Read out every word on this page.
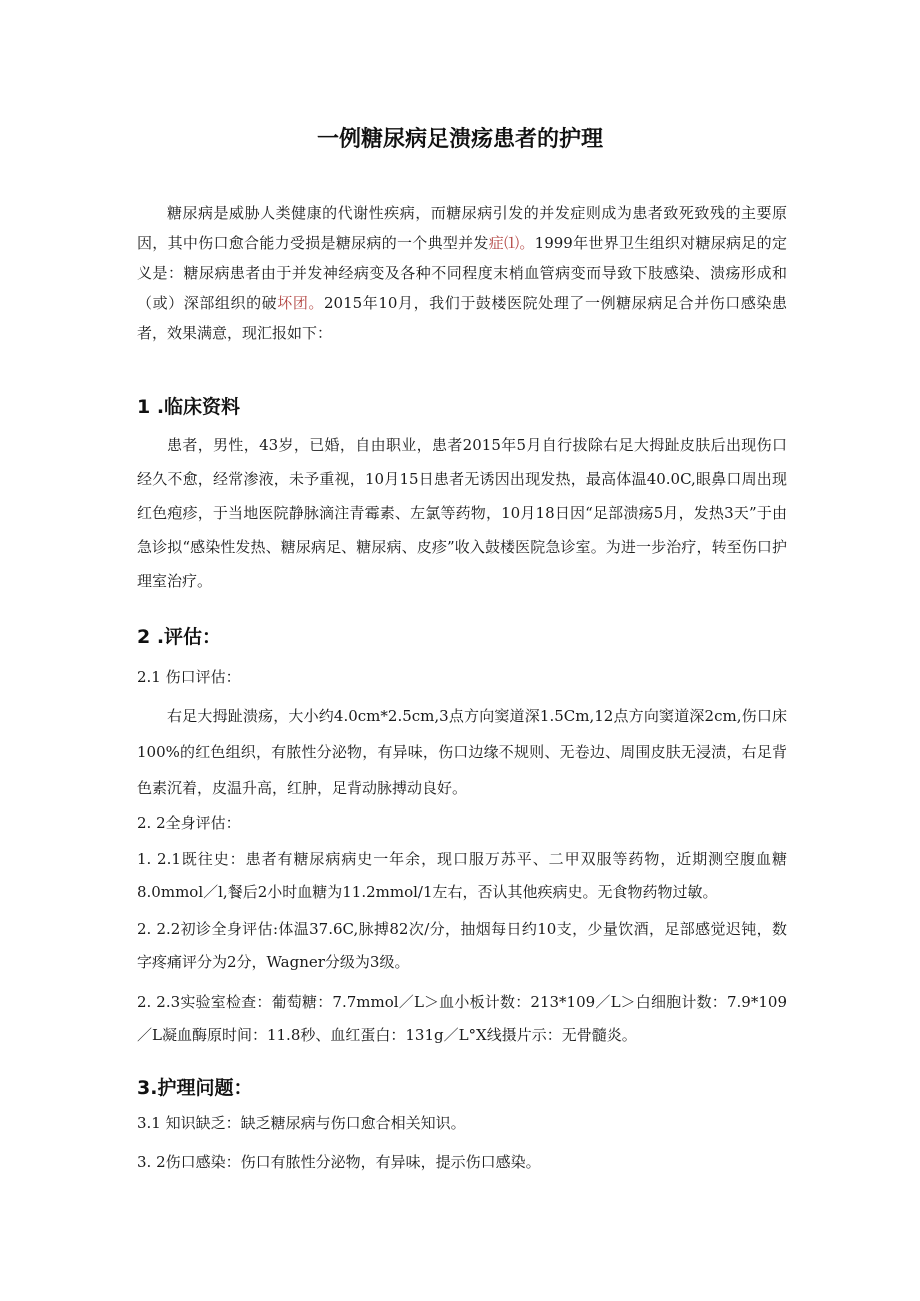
一例糖尿病足溃疡患者的护理
糖尿病是威胁人类健康的代谢性疾病，而糖尿病引发的并发症则成为患者致死致残的主要原因，其中伤口愈合能力受损是糖尿病的一个典型并发症⑴。1999年世界卫生组织对糖尿病足的定义是：糖尿病患者由于并发神经病变及各种不同程度末梢血管病变而导致下肢感染、溃疡形成和（或）深部组织的破坏团。2015年10月，我们于鼓楼医院处理了一例糖尿病足合并伤口感染患者，效果满意，现汇报如下：
1 .临床资料
患者，男性，43岁，已婚，自由职业，患者2015年5月自行拔除右足大拇趾皮肤后出现伤口经久不愈，经常渗液，未予重视，10月15日患者无诱因出现发热，最高体温40.0C,眼鼻口周出现红色疱疹，于当地医院静脉滴注青霉素、左氯等药物，10月18日因“足部溃疡5月，发热3天”于由急诊拟“感染性发热、糖尿病足、糖尿病、皮疹”收入鼓楼医院急诊室。为进一步治疗，转至伤口护理室治疗。
2 .评估：
2.1 伤口评估：
右足大拇趾溃疡，大小约4.0cm*2.5cm,3点方向窦道深1.5Cm,12点方向窦道深2cm,伤口床100%的红色组织，有脓性分泌物，有异味，伤口边缘不规则、无卷边、周围皮肤无浸渍，右足背色素沉着，皮温升高，红肿，足背动脉搏动良好。
2. 2全身评估：
1. 2.1既往史：患者有糖尿病病史一年余，现口服万苏平、二甲双服等药物，近期测空腹血糖8.0mmol／l,餐后2小时血糖为11.2mmol/1左右，否认其他疾病史。无食物药物过敏。
2. 2.2初诊全身评估:体温37.6C,脉搏82次/分，抽烟每日约10支，少量饮酒，足部感觉迟钝，数字疼痛评分为2分，Wagner分级为3级。
2. 2.3实验室检查：葡萄糖：7.7mmol／L＞血小板计数：213*109／L＞白细胞计数：7.9*109／L凝血酶原时间：11.8秒、血红蛋白：131g／L°X线摄片示：无骨髓炎。
3.护理问题：
3.1 知识缺乏：缺乏糖尿病与伤口愈合相关知识。
3. 2伤口感染：伤口有脓性分泌物，有异味，提示伤口感染。
